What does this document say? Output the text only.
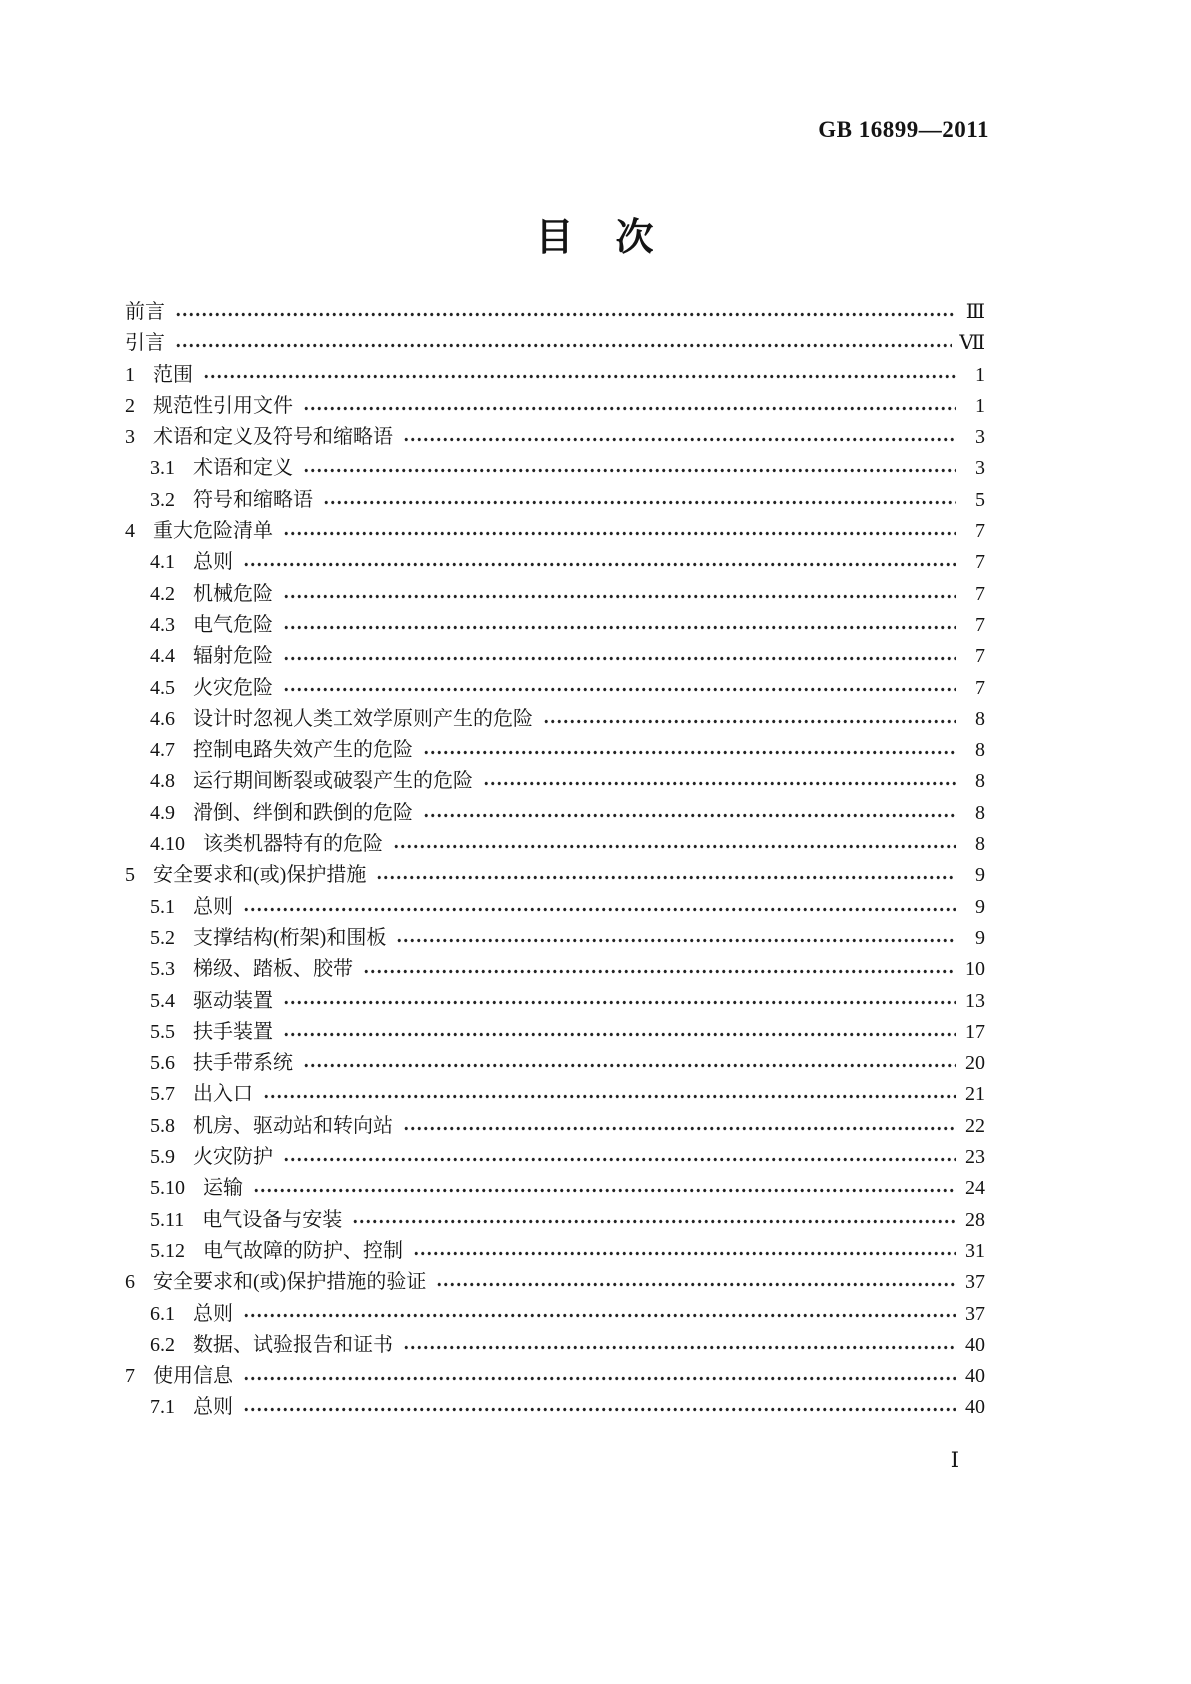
GB 16899—2011
目　次
前言	Ⅲ
引言	Ⅶ
1 范围	1
2 规范性引用文件	1
3 术语和定义及符号和缩略语	3
3.1 术语和定义	3
3.2 符号和缩略语	5
4 重大危险清单	7
4.1 总则	7
4.2 机械危险	7
4.3 电气危险	7
4.4 辐射危险	7
4.5 火灾危险	7
4.6 设计时忽视人类工效学原则产生的危险	8
4.7 控制电路失效产生的危险	8
4.8 运行期间断裂或破裂产生的危险	8
4.9 滑倒、绊倒和跌倒的危险	8
4.10 该类机器特有的危险	8
5 安全要求和(或)保护措施	9
5.1 总则	9
5.2 支撑结构(桁架)和围板	9
5.3 梯级、踏板、胶带	10
5.4 驱动装置	13
5.5 扶手装置	17
5.6 扶手带系统	20
5.7 出入口	21
5.8 机房、驱动站和转向站	22
5.9 火灾防护	23
5.10 运输	24
5.11 电气设备与安装	28
5.12 电气故障的防护、控制	31
6 安全要求和(或)保护措施的验证	37
6.1 总则	37
6.2 数据、试验报告和证书	40
7 使用信息	40
7.1 总则	40
Ⅰ
